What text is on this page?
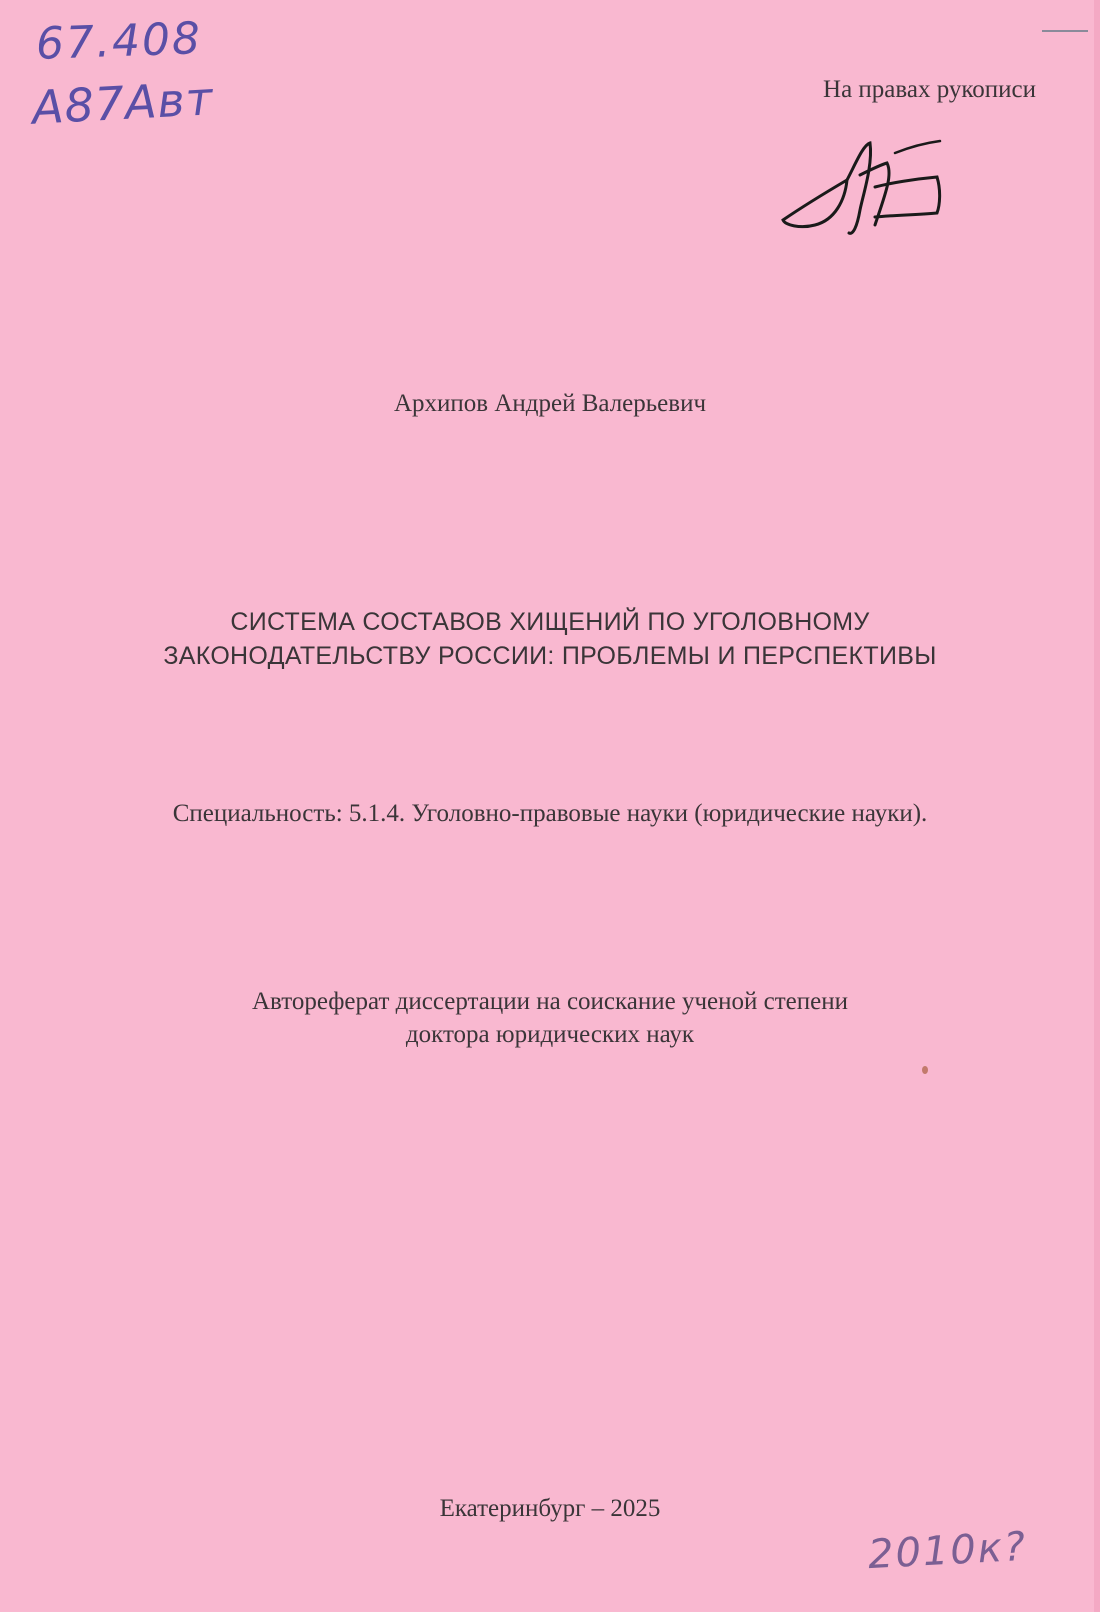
67.408
А87Авт	На правах рукописи
Архипов Андрей Валерьевич
СИСТЕМА СОСТАВОВ ХИЩЕНИЙ ПО УГОЛОВНОМУ
ЗАКОНОДАТЕЛЬСТВУ РОССИИ: ПРОБЛЕМЫ И ПЕРСПЕКТИВЫ
Специальность: 5.1.4. Уголовно-правовые науки (юридические науки).
Автореферат диссертации на соискание ученой степени
доктора юридических наук
Екатеринбург – 2025
2010к?
